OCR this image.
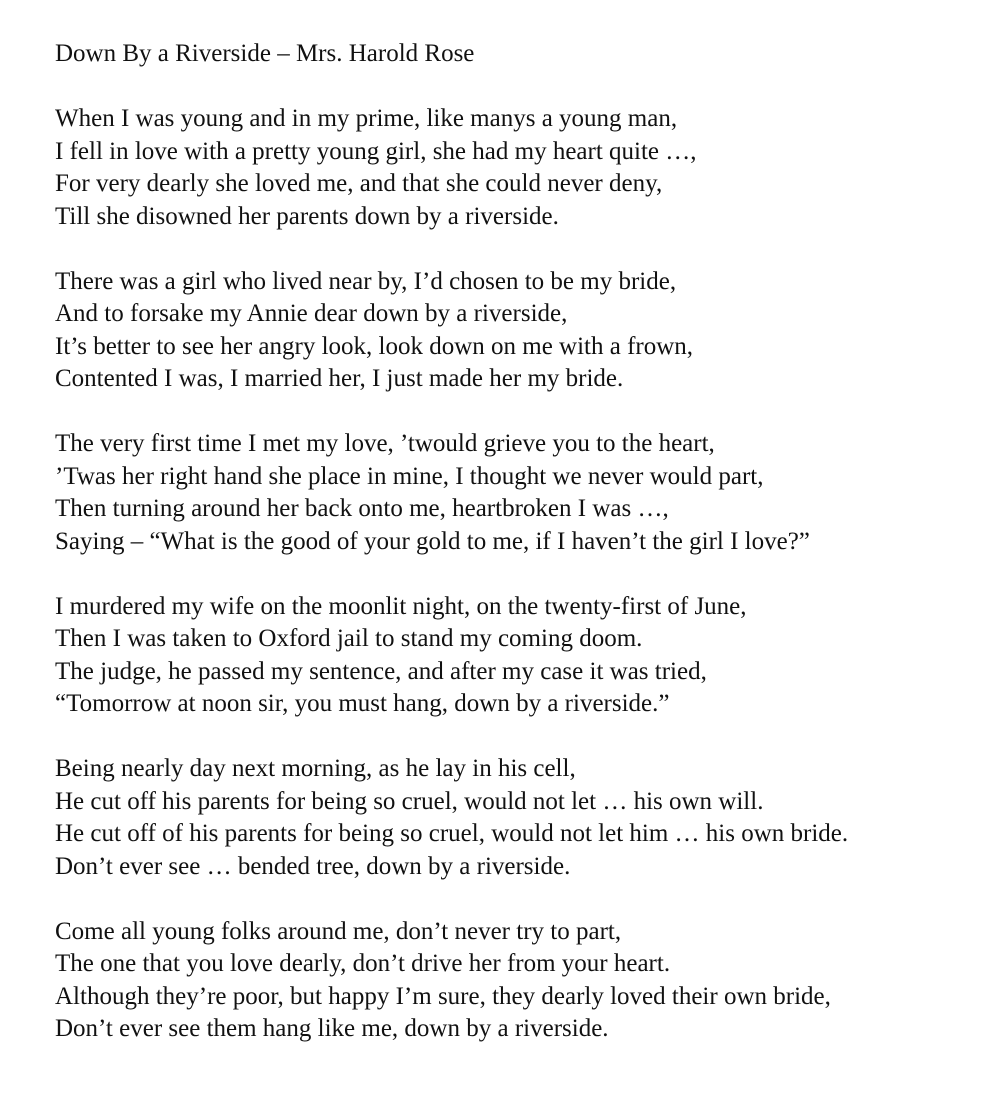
Down By a Riverside – Mrs. Harold Rose
When I was young and in my prime, like manys a young man,
I fell in love with a pretty young girl, she had my heart quite …,
For very dearly she loved me, and that she could never deny,
Till she disowned her parents down by a riverside.
There was a girl who lived near by, I’d chosen to be my bride,
And to forsake my Annie dear down by a riverside,
It’s better to see her angry look, look down on me with a frown,
Contented I was, I married her, I just made her my bride.
The very first time I met my love, ’twould grieve you to the heart,
’Twas her right hand she place in mine, I thought we never would part,
Then turning around her back onto me, heartbroken I was …,
Saying – “What is the good of your gold to me, if I haven’t the girl I love?”
I murdered my wife on the moonlit night, on the twenty-first of June,
Then I was taken to Oxford jail to stand my coming doom.
The judge, he passed my sentence, and after my case it was tried,
“Tomorrow at noon sir, you must hang, down by a riverside.”
Being nearly day next morning, as he lay in his cell,
He cut off his parents for being so cruel, would not let … his own will.
He cut off of his parents for being so cruel, would not let him … his own bride.
Don’t ever see … bended tree, down by a riverside.
Come all young folks around me, don’t never try to part,
The one that you love dearly, don’t drive her from your heart.
Although they’re poor, but happy I’m sure, they dearly loved their own bride,
Don’t ever see them hang like me, down by a riverside.
